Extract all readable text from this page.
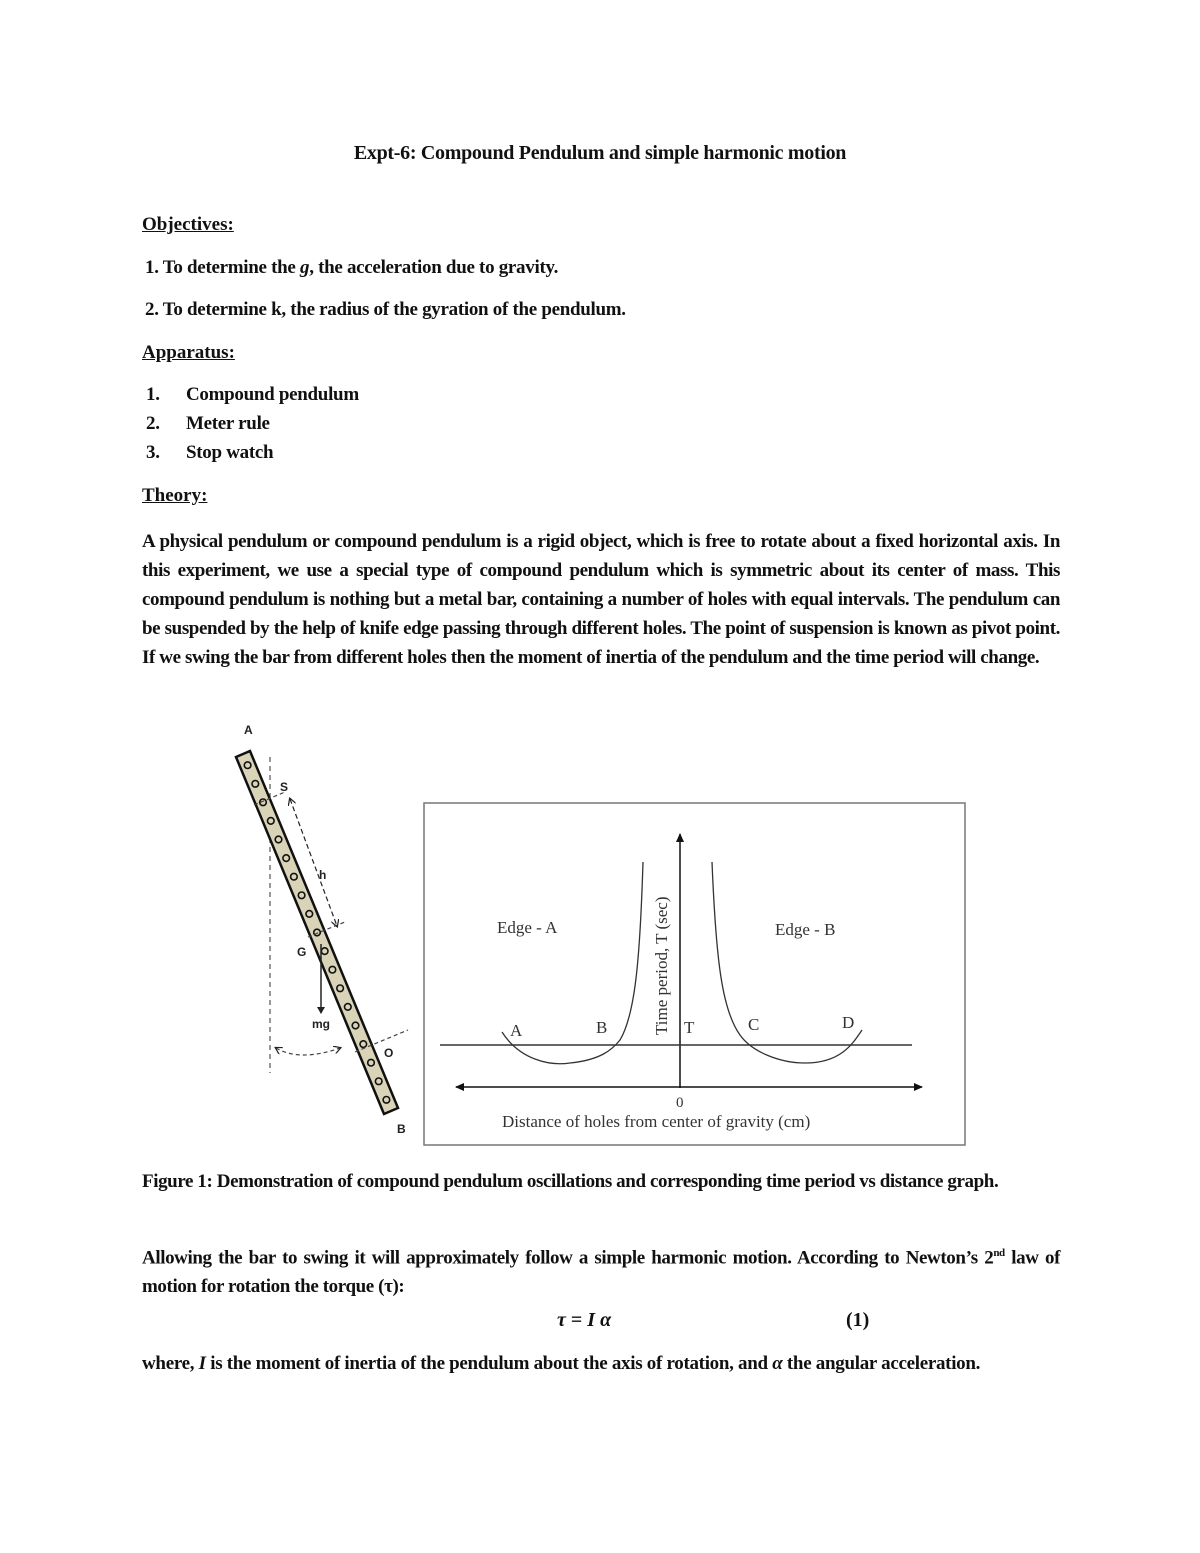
Expt-6: Compound Pendulum and simple harmonic motion
Objectives:
1. To determine the g, the acceleration due to gravity.
2. To determine k, the radius of the gyration of the pendulum.
Apparatus:
1. Compound pendulum
2. Meter rule
3. Stop watch
Theory:

A physical pendulum or compound pendulum is a rigid object, which is free to rotate about a fixed horizontal axis. In this experiment, we use a special type of compound pendulum which is symmetric about its center of mass. This compound pendulum is nothing but a metal bar, containing a number of holes with equal intervals. The pendulum can be suspended by the help of knife edge passing through different holes. The point of suspension is known as pivot point. If we swing the bar from different holes then the moment of inertia of the pendulum and the time period will change.

A
S
h
G
mg
O
B
Edge - A	Edge - B
Time period, T (sec) T
A	B	C	D
0
Distance of holes from center of gravity (cm)

Figure 1: Demonstration of compound pendulum oscillations and corresponding time period vs distance graph.

Allowing the bar to swing it will approximately follow a simple harmonic motion. According to Newton’s 2nd law of motion for rotation the torque (τ):

τ = I α	(1)
where, I is the moment of inertia of the pendulum about the axis of rotation, and α the angular acceleration.
